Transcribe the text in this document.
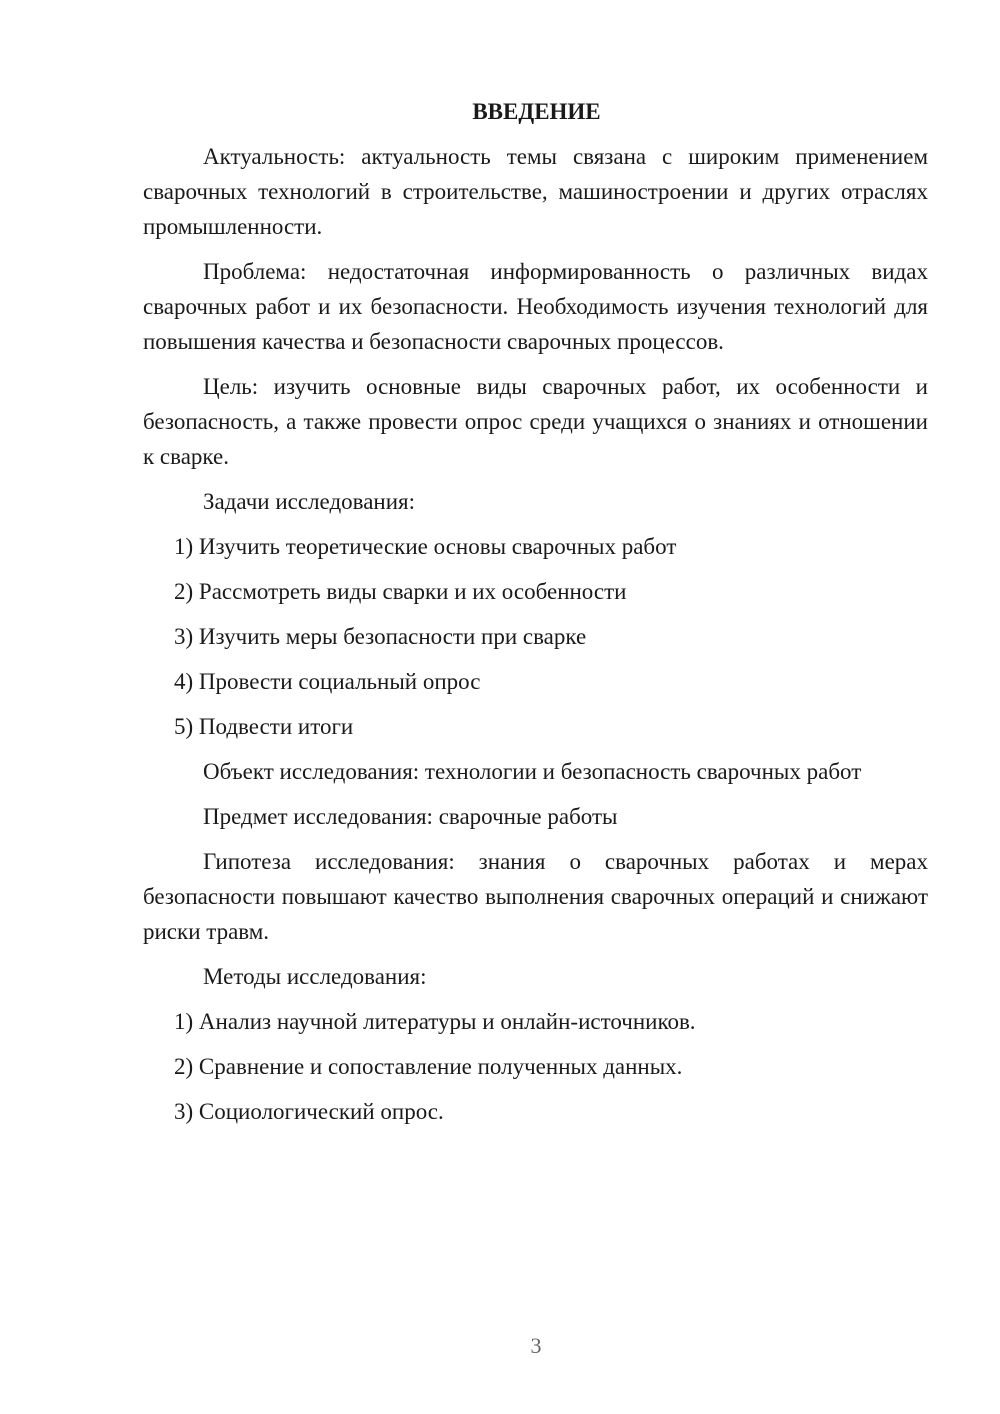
ВВЕДЕНИЕ

Актуальность: актуальность темы связана с широким применением сварочных технологий в строительстве, машиностроении и других отраслях промышленности.

Проблема: недостаточная информированность о различных видах сварочных работ и их безопасности. Необходимость изучения технологий для повышения качества и безопасности сварочных процессов.

Цель: изучить основные виды сварочных работ, их особенности и безопасность, а также провести опрос среди учащихся о знаниях и отношении к сварке.

Задачи исследования:

1) Изучить теоретические основы сварочных работ
2) Рассмотреть виды сварки и их особенности
3) Изучить меры безопасности при сварке
4) Провести социальный опрос
5) Подвести итоги

Объект исследования: технологии и безопасность сварочных работ

Предмет исследования: сварочные работы

Гипотеза исследования: знания о сварочных работах и мерах безопасности повышают качество выполнения сварочных операций и снижают риски травм.

Методы исследования:

1) Анализ научной литературы и онлайн-источников.
2) Сравнение и сопоставление полученных данных.
3) Социологический опрос.
3
